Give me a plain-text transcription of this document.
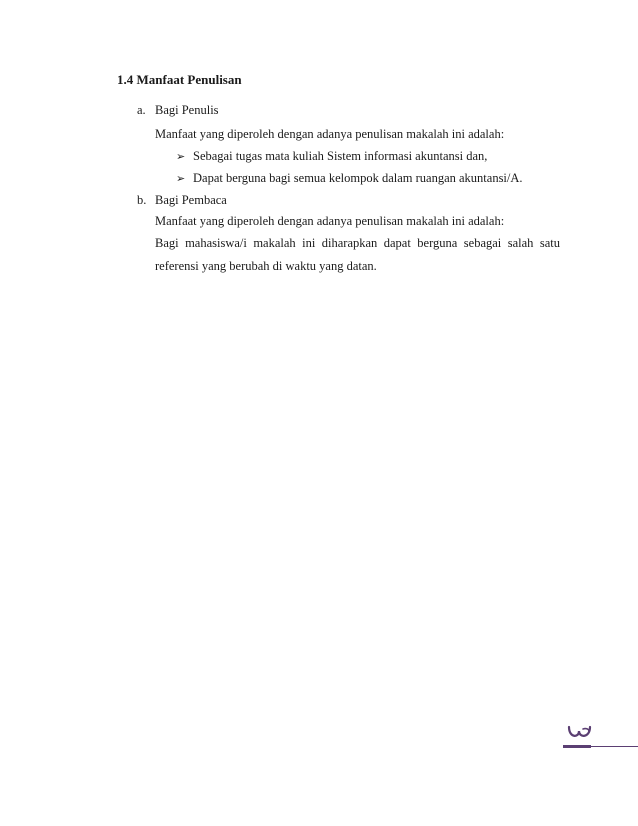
1.4 Manfaat Penulisan
a. Bagi Penulis
Manfaat yang diperoleh dengan adanya penulisan makalah ini adalah:
➢ Sebagai tugas mata kuliah Sistem informasi akuntansi dan,
➢ Dapat berguna bagi semua kelompok dalam ruangan akuntansi/A.
b. Bagi Pembaca
Manfaat yang diperoleh dengan adanya penulisan makalah ini adalah:
Bagi mahasiswa/i makalah ini diharapkan dapat berguna sebagai salah satu
referensi yang berubah di waktu yang datan.
